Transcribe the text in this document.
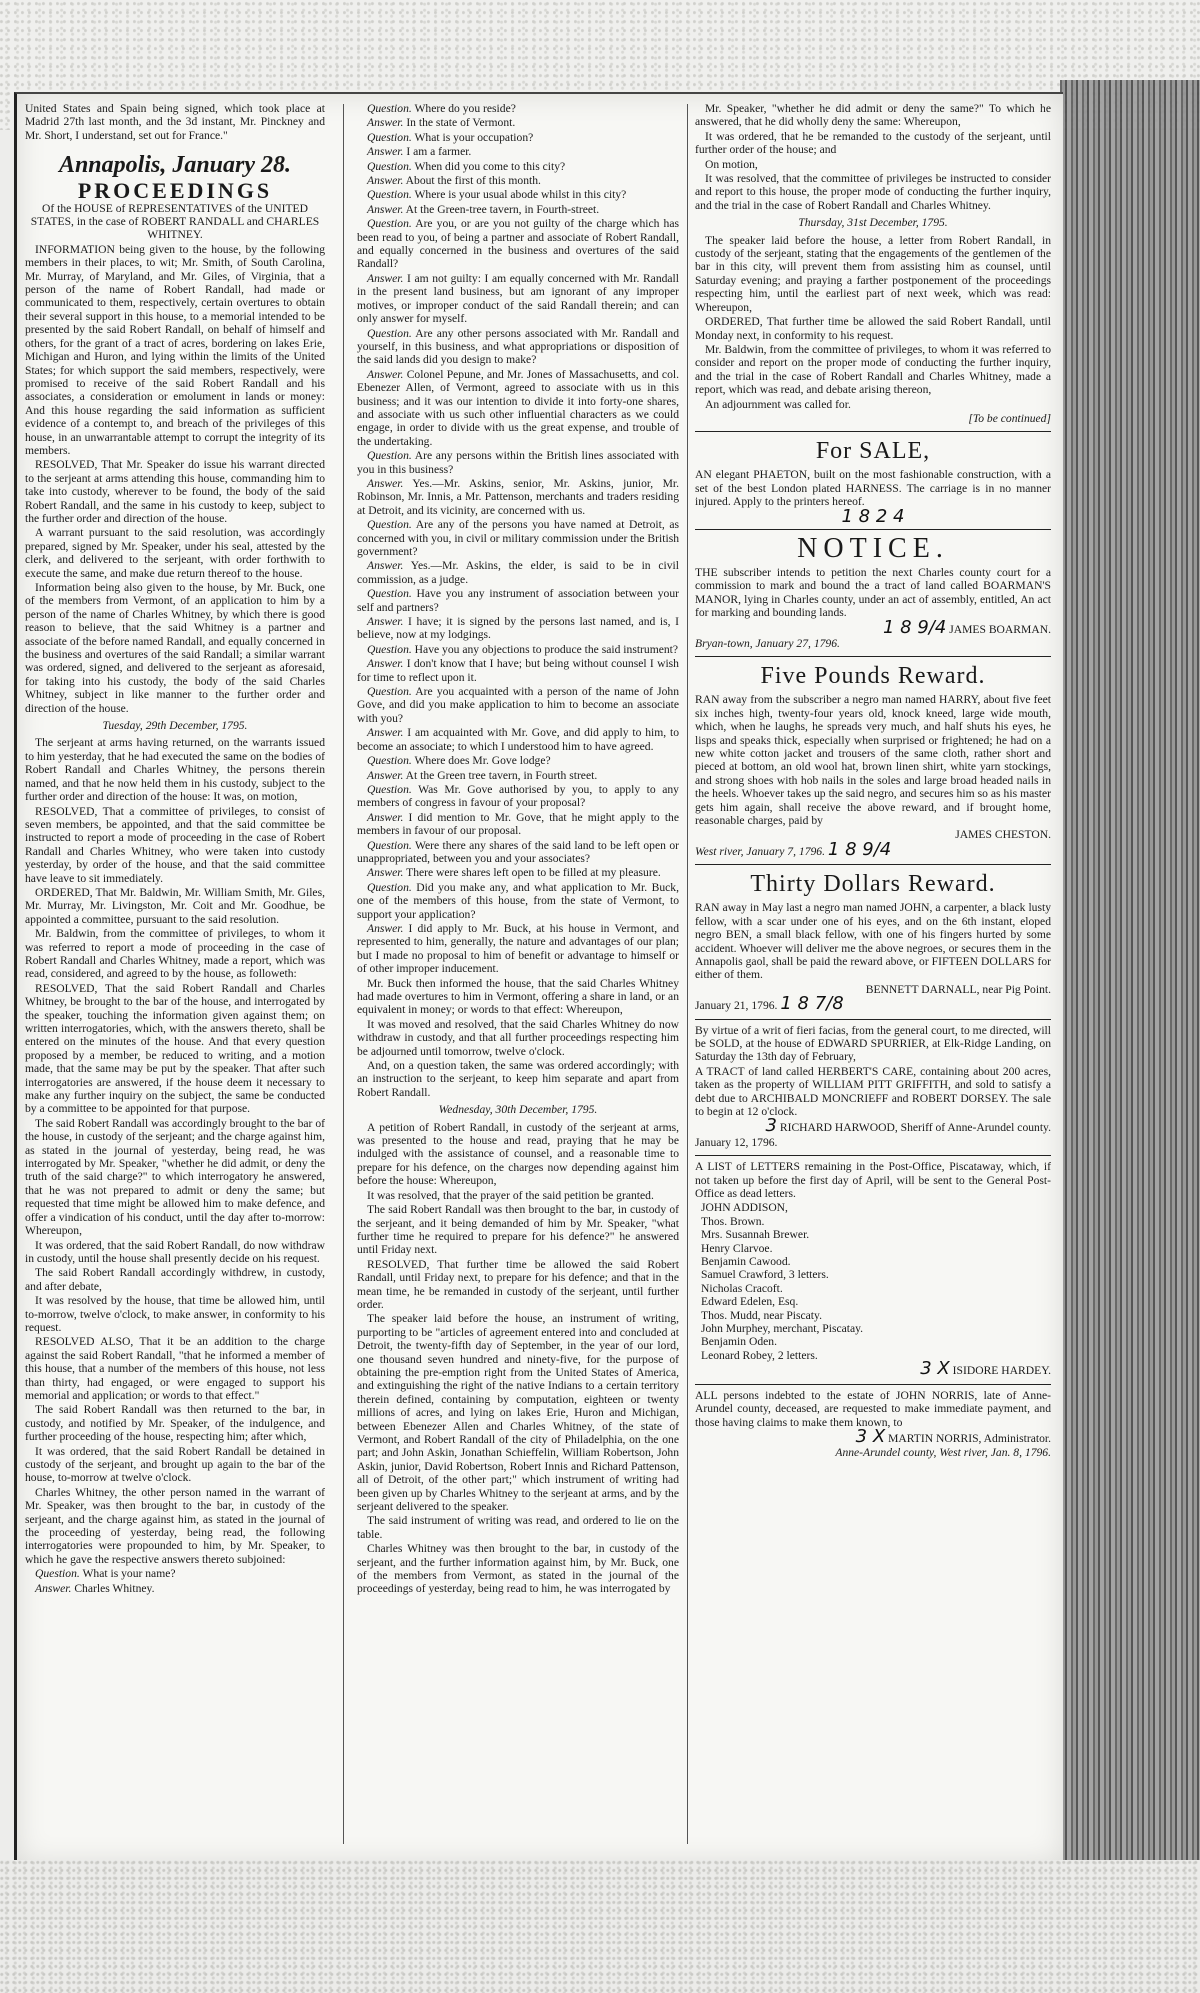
United States and Spain being signed, which took place at Madrid 27th last month, and the 3d instant, Mr. Pinckney and Mr. Short, I understand, set out for France."

Annapolis, January 28.
PROCEEDINGS

Of the HOUSE of REPRESENTATIVES of the UNITED STATES, in the case of ROBERT RANDALL and CHARLES WHITNEY.

INFORMATION being given to the house, by the following members in their places, to wit; Mr. Smith, of South Carolina, Mr. Murray, of Maryland, and Mr. Giles, of Virginia, that a person of the name of Robert Randall, had made or communicated to them, respectively, certain overtures to obtain their several support in this house, to a memorial intended to be presented by the said Robert Randall, on behalf of himself and others, for the grant of a tract of acres, bordering on lakes Erie, Michigan and Huron, and lying within the limits of the United States; for which support the said members, respectively, were promised to receive of the said Robert Randall and his associates, a consideration or emolument in lands or money: And this house regarding the said information as sufficient evidence of a contempt to, and breach of the privileges of this house, in an unwarrantable attempt to corrupt the integrity of its members.

RESOLVED, That Mr. Speaker do issue his warrant directed to the serjeant at arms attending this house, commanding him to take into custody, wherever to be found, the body of the said Robert Randall, and the same in his custody to keep, subject to the further order and direction of the house.

A warrant pursuant to the said resolution, was accordingly prepared, signed by Mr. Speaker, under his seal, attested by the clerk, and delivered to the serjeant, with order forthwith to execute the same, and make due return thereof to the house.

Information being also given to the house, by Mr. Buck, one of the members from Vermont, of an application to him by a person of the name of Charles Whitney, by which there is good reason to believe, that the said Whitney is a partner and associate of the before named Randall, and equally concerned in the business and overtures of the said Randall; a similar warrant was ordered, signed, and delivered to the serjeant as aforesaid, for taking into his custody, the body of the said Charles Whitney, subject in like manner to the further order and direction of the house.

Tuesday, 29th December, 1795.

The serjeant at arms having returned, on the warrants issued to him yesterday, that he had executed the same on the bodies of Robert Randall and Charles Whitney, the persons therein named, and that he now held them in his custody, subject to the further order and direction of the house: It was, on motion,

RESOLVED, That a committee of privileges, to consist of seven members, be appointed, and that the said committee be instructed to report a mode of proceeding in the case of Robert Randall and Charles Whitney, who were taken into custody yesterday, by order of the house, and that the said committee have leave to sit immediately.

ORDERED, That Mr. Baldwin, Mr. William Smith, Mr. Giles, Mr. Murray, Mr. Livingston, Mr. Coit and Mr. Goodhue, be appointed a committee, pursuant to the said resolution.

Mr. Baldwin, from the committee of privileges, to whom it was referred to report a mode of proceeding in the case of Robert Randall and Charles Whitney, made a report, which was read, considered, and agreed to by the house, as followeth:

RESOLVED, That the said Robert Randall and Charles Whitney, be brought to the bar of the house, and interrogated by the speaker, touching the information given against them; on written interrogatories, which, with the answers thereto, shall be entered on the minutes of the house. And that every question proposed by a member, be reduced to writing, and a motion made, that the same may be put by the speaker. That after such interrogatories are answered, if the house deem it necessary to make any further inquiry on the subject, the same be conducted by a committee to be appointed for that purpose.

The said Robert Randall was accordingly brought to the bar of the house, in custody of the serjeant; and the charge against him, as stated in the journal of yesterday, being read, he was interrogated by Mr. Speaker, "whether he did admit, or deny the truth of the said charge?" to which interrogatory he answered, that he was not prepared to admit or deny the same; but requested that time might be allowed him to make defence, and offer a vindication of his conduct, until the day after to-morrow: Whereupon,

It was ordered, that the said Robert Randall, do now withdraw in custody, until the house shall presently decide on his request.

The said Robert Randall accordingly withdrew, in custody, and after debate,

It was resolved by the house, that time be allowed him, until to-morrow, twelve o'clock, to make answer, in conformity to his request.

RESOLVED ALSO, That it be an addition to the charge against the said Robert Randall, "that he informed a member of this house, that a number of the members of this house, not less than thirty, had engaged, or were engaged to support his memorial and application; or words to that effect."

The said Robert Randall was then returned to the bar, in custody, and notified by Mr. Speaker, of the indulgence, and further proceeding of the house, respecting him; after which,

It was ordered, that the said Robert Randall be detained in custody of the serjeant, and brought up again to the bar of the house, to-morrow at twelve o'clock.

Charles Whitney, the other person named in the warrant of Mr. Speaker, was then brought to the bar, in custody of the serjeant, and the charge against him, as stated in the journal of the proceeding of yesterday, being read, the following interrogatories were propounded to him, by Mr. Speaker, to which he gave the respective answers thereto subjoined:

Question. What is your name?

Answer. Charles Whitney.

Question. Where do you reside?

Answer. In the state of Vermont.

Question. What is your occupation?

Answer. I am a farmer.

Question. When did you come to this city?

Answer. About the first of this month.

Question. Where is your usual abode whilst in this city?

Answer. At the Green-tree tavern, in Fourth-street.

Question. Are you, or are you not guilty of the charge which has been read to you, of being a partner and associate of Robert Randall, and equally concerned in the business and overtures of the said Randall?

Answer. I am not guilty: I am equally concerned with Mr. Randall in the present land business, but am ignorant of any improper motives, or improper conduct of the said Randall therein; and can only answer for myself.

Question. Are any other persons associated with Mr. Randall and yourself, in this business, and what appropriations or disposition of the said lands did you design to make?

Answer. Colonel Pepune, and Mr. Jones of Massachusetts, and col. Ebenezer Allen, of Vermont, agreed to associate with us in this business; and it was our intention to divide it into forty-one shares, and associate with us such other influential characters as we could engage, in order to divide with us the great expense, and trouble of the undertaking.

Question. Are any persons within the British lines associated with you in this business?

Answer. Yes.—Mr. Askins, senior, Mr. Askins, junior, Mr. Robinson, Mr. Innis, a Mr. Pattenson, merchants and traders residing at Detroit, and its vicinity, are concerned with us.

Question. Are any of the persons you have named at Detroit, as concerned with you, in civil or military commission under the British government?

Answer. Yes.—Mr. Askins, the elder, is said to be in civil commission, as a judge.

Question. Have you any instrument of association between your self and partners?

Answer. I have; it is signed by the persons last named, and is, I believe, now at my lodgings.

Question. Have you any objections to produce the said instrument?

Answer. I don't know that I have; but being without counsel I wish for time to reflect upon it.

Question. Are you acquainted with a person of the name of John Gove, and did you make application to him to become an associate with you?

Answer. I am acquainted with Mr. Gove, and did apply to him, to become an associate; to which I understood him to have agreed.

Question. Where does Mr. Gove lodge?

Answer. At the Green tree tavern, in Fourth street.

Question. Was Mr. Gove authorised by you, to apply to any members of congress in favour of your proposal?

Answer. I did mention to Mr. Gove, that he might apply to the members in favour of our proposal.

Question. Were there any shares of the said land to be left open or unappropriated, between you and your associates?

Answer. There were shares left open to be filled at my pleasure.

Question. Did you make any, and what application to Mr. Buck, one of the members of this house, from the state of Vermont, to support your application?

Answer. I did apply to Mr. Buck, at his house in Vermont, and represented to him, generally, the nature and advantages of our plan; but I made no proposal to him of benefit or advantage to himself or of other improper inducement.

Mr. Buck then informed the house, that the said Charles Whitney had made overtures to him in Vermont, offering a share in land, or an equivalent in money; or words to that effect: Whereupon,

It was moved and resolved, that the said Charles Whitney do now withdraw in custody, and that all further proceedings respecting him be adjourned until tomorrow, twelve o'clock.

And, on a question taken, the same was ordered accordingly; with an instruction to the serjeant, to keep him separate and apart from Robert Randall.

Wednesday, 30th December, 1795.

A petition of Robert Randall, in custody of the serjeant at arms, was presented to the house and read, praying that he may be indulged with the assistance of counsel, and a reasonable time to prepare for his defence, on the charges now depending against him before the house: Whereupon,

It was resolved, that the prayer of the said petition be granted.

The said Robert Randall was then brought to the bar, in custody of the serjeant, and it being demanded of him by Mr. Speaker, "what further time he required to prepare for his defence?" he answered until Friday next.

RESOLVED, That further time be allowed the said Robert Randall, until Friday next, to prepare for his defence; and that in the mean time, he be remanded in custody of the serjeant, until further order.

The speaker laid before the house, an instrument of writing, purporting to be "articles of agreement entered into and concluded at Detroit, the twenty-fifth day of September, in the year of our lord, one thousand seven hundred and ninety-five, for the purpose of obtaining the pre-emption right from the United States of America, and extinguishing the right of the native Indians to a certain territory therein defined, containing by computation, eighteen or twenty millions of acres, and lying on lakes Erie, Huron and Michigan, between Ebenezer Allen and Charles Whitney, of the state of Vermont, and Robert Randall of the city of Philadelphia, on the one part; and John Askin, Jonathan Schieffelin, William Robertson, John Askin, junior, David Robertson, Robert Innis and Richard Pattenson, all of Detroit, of the other part;" which instrument of writing had been given up by Charles Whitney to the serjeant at arms, and by the serjeant delivered to the speaker.

The said instrument of writing was read, and ordered to lie on the table.

Charles Whitney was then brought to the bar, in custody of the serjeant, and the further information against him, by Mr. Buck, one of the members from Vermont, as stated in the journal of the proceedings of yesterday, being read to him, he was interrogated by

Mr. Speaker, "whether he did admit or deny the same?" To which he answered, that he did wholly deny the same: Whereupon,

It was ordered, that he be remanded to the custody of the serjeant, until further order of the house; and

On motion,

It was resolved, that the committee of privileges be instructed to consider and report to this house, the proper mode of conducting the further inquiry, and the trial in the case of Robert Randall and Charles Whitney.

Thursday, 31st December, 1795.

The speaker laid before the house, a letter from Robert Randall, in custody of the serjeant, stating that the engagements of the gentlemen of the bar in this city, will prevent them from assisting him as counsel, until Saturday evening; and praying a farther postponement of the proceedings respecting him, until the earliest part of next week, which was read: Whereupon,

ORDERED, That further time be allowed the said Robert Randall, until Monday next, in conformity to his request.

Mr. Baldwin, from the committee of privileges, to whom it was referred to consider and report on the proper mode of conducting the further inquiry, and the trial in the case of Robert Randall and Charles Whitney, made a report, which was read, and debate arising thereon,

An adjournment was called for.

[To be continued]

For SALE,

AN elegant PHAETON, built on the most fashionable construction, with a set of the best London plated HARNESS. The carriage is in no manner injured. Apply to the printers hereof.

1 8 2 4

NOTICE.

THE subscriber intends to petition the next Charles county court for a commission to mark and bound the a tract of land called BOARMAN'S MANOR, lying in Charles county, under an act of assembly, entitled, An act for marking and bounding lands.

1 8 9/4 JAMES BOARMAN.

Bryan-town, January 27, 1796.

Five Pounds Reward.

RAN away from the subscriber a negro man named HARRY, about five feet six inches high, twenty-four years old, knock kneed, large wide mouth, which, when he laughs, he spreads very much, and half shuts his eyes, he lisps and speaks thick, especially when surprised or frightened; he had on a new white cotton jacket and trousers of the same cloth, rather short and pieced at bottom, an old wool hat, brown linen shirt, white yarn stockings, and strong shoes with hob nails in the soles and large broad headed nails in the heels. Whoever takes up the said negro, and secures him so as his master gets him again, shall receive the above reward, and if brought home, reasonable charges, paid by

JAMES CHESTON.

West river, January 7, 1796. 1 8 9/4

Thirty Dollars Reward.

RAN away in May last a negro man named JOHN, a carpenter, a black lusty fellow, with a scar under one of his eyes, and on the 6th instant, eloped negro BEN, a small black fellow, with one of his fingers hurted by some accident. Whoever will deliver me the above negroes, or secures them in the Annapolis gaol, shall be paid the reward above, or FIFTEEN DOLLARS for either of them.

BENNETT DARNALL, near Pig Point.

January 21, 1796. 1 8 7/8

By virtue of a writ of fieri facias, from the general court, to me directed, will be SOLD, at the house of EDWARD SPURRIER, at Elk-Ridge Landing, on Saturday the 13th day of February,

A TRACT of land called HERBERT'S CARE, containing about 200 acres, taken as the property of WILLIAM PITT GRIFFITH, and sold to satisfy a debt due to ARCHIBALD MONCRIEFF and ROBERT DORSEY. The sale to begin at 12 o'clock.

3 RICHARD HARWOOD, Sheriff of Anne-Arundel county.

January 12, 1796.

A LIST of LETTERS remaining in the Post-Office, Piscataway, which, if not taken up before the first day of April, will be sent to the General Post-Office as dead letters.

JOHN ADDISON,
Thos. Brown.
Mrs. Susannah Brewer.
Henry Clarvoe.
Benjamin Cawood.
Samuel Crawford, 3 letters.
Nicholas Cracoft.
Edward Edelen, Esq.
Thos. Mudd, near Piscaty.
John Murphey, merchant, Piscatay.
Benjamin Oden.
Leonard Robey, 2 letters.

3 X ISIDORE HARDEY.

ALL persons indebted to the estate of JOHN NORRIS, late of Anne-Arundel county, deceased, are requested to make immediate payment, and those having claims to make them known, to

3 X MARTIN NORRIS, Administrator.

Anne-Arundel county, West river, Jan. 8, 1796.
